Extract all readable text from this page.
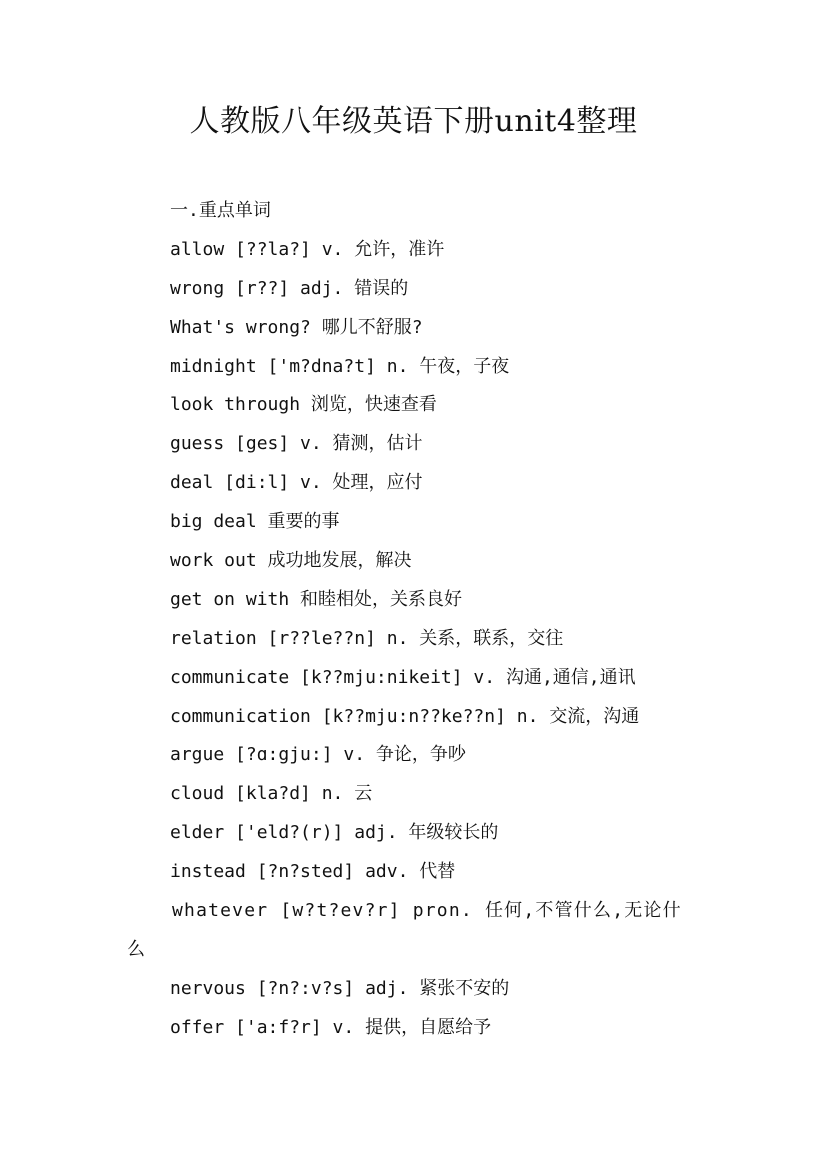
人教版八年级英语下册unit4整理
一.重点单词
allow [??la?] v. 允许，准许
wrong [r??] adj. 错误的
What's wrong? 哪儿不舒服?
midnight ['m?dna?t] n. 午夜，子夜
look through 浏览，快速查看
guess [ges] v. 猜测，估计
deal [di:l] v. 处理，应付
big deal 重要的事
work out 成功地发展，解决
get on with 和睦相处，关系良好
relation [r??le??n] n. 关系，联系，交往
communicate [k??mju:nikeit] v. 沟通,通信,通讯
communication [k??mju:n??ke??n] n. 交流，沟通
argue [?ɑ:gju:] v. 争论，争吵
cloud [kla?d] n. 云
elder ['eld?(r)] adj. 年级较长的
instead [?n?sted] adv. 代替
whatever [w?t?ev?r] pron. 任何,不管什么,无论什
么
nervous [?n?:v?s] adj. 紧张不安的
offer ['a:f?r] v. 提供，自愿给予
